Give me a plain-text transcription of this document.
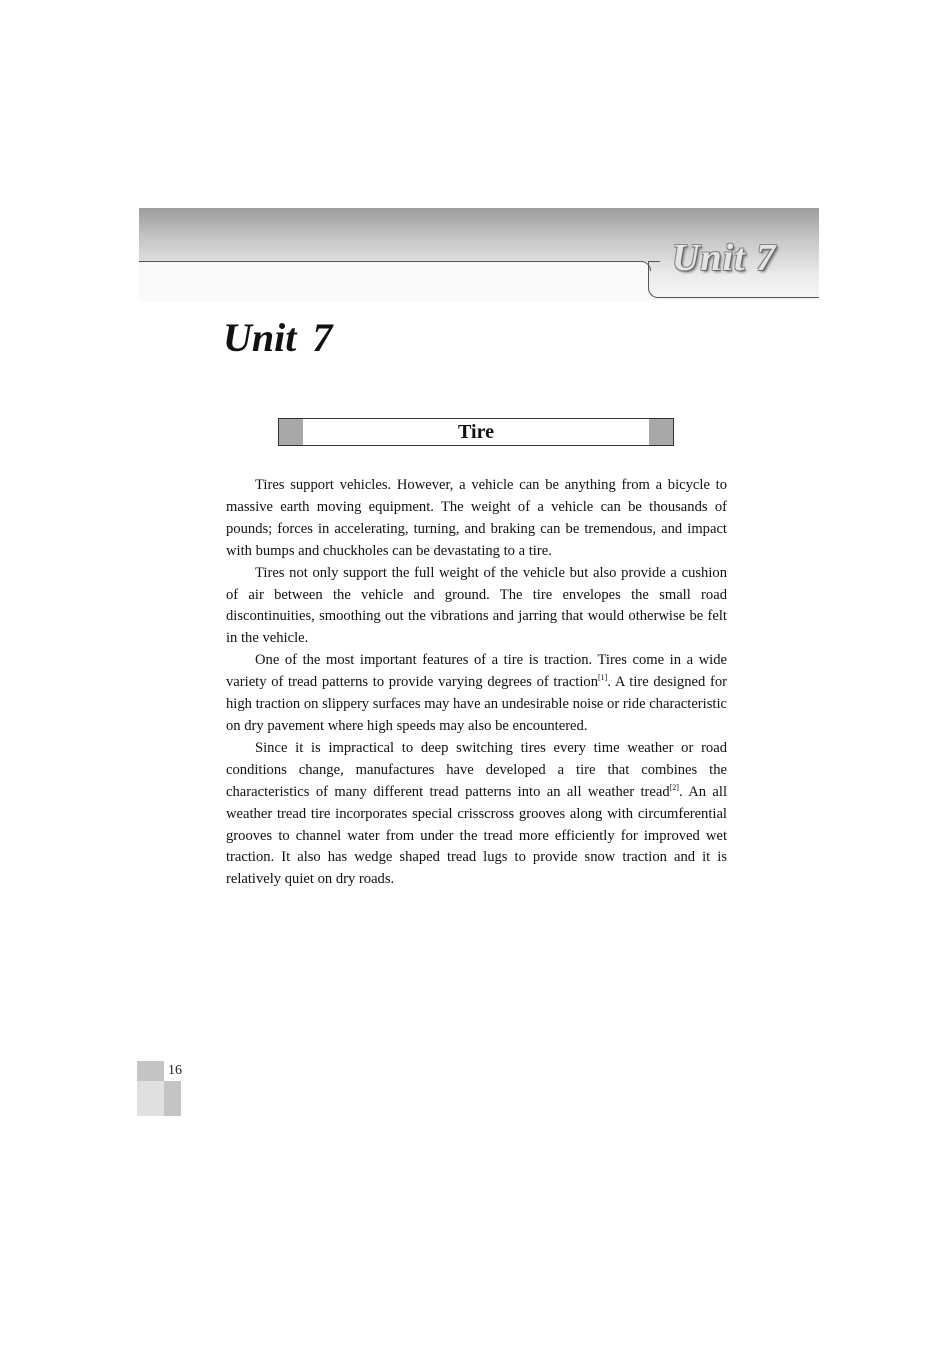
Unit 7
Unit 7
Tire

Tires support vehicles. However, a vehicle can be anything from a bicycle to massive earth moving equipment. The weight of a vehicle can be thousands of pounds; forces in accelerating, turning, and braking can be tremendous, and impact with bumps and chuckholes can be devastating to a tire.

Tires not only support the full weight of the vehicle but also provide a cushion of air between the vehicle and ground. The tire envelopes the small road discontinuities, smoothing out the vibrations and jarring that would otherwise be felt in the vehicle.

One of the most important features of a tire is traction. Tires come in a wide variety of tread patterns to provide varying degrees of traction[1]. A tire designed for high traction on slippery surfaces may have an undesirable noise or ride characteristic on dry pavement where high speeds may also be encountered.

Since it is impractical to deep switching tires every time weather or road conditions change, manufactures have developed a tire that combines the characteristics of many different tread patterns into an all weather tread[2]. An all weather tread tire incorporates special crisscross grooves along with circumferential grooves to channel water from under the tread more efficiently for improved wet traction. It also has wedge shaped tread lugs to provide snow traction and it is relatively quiet on dry roads.

16
